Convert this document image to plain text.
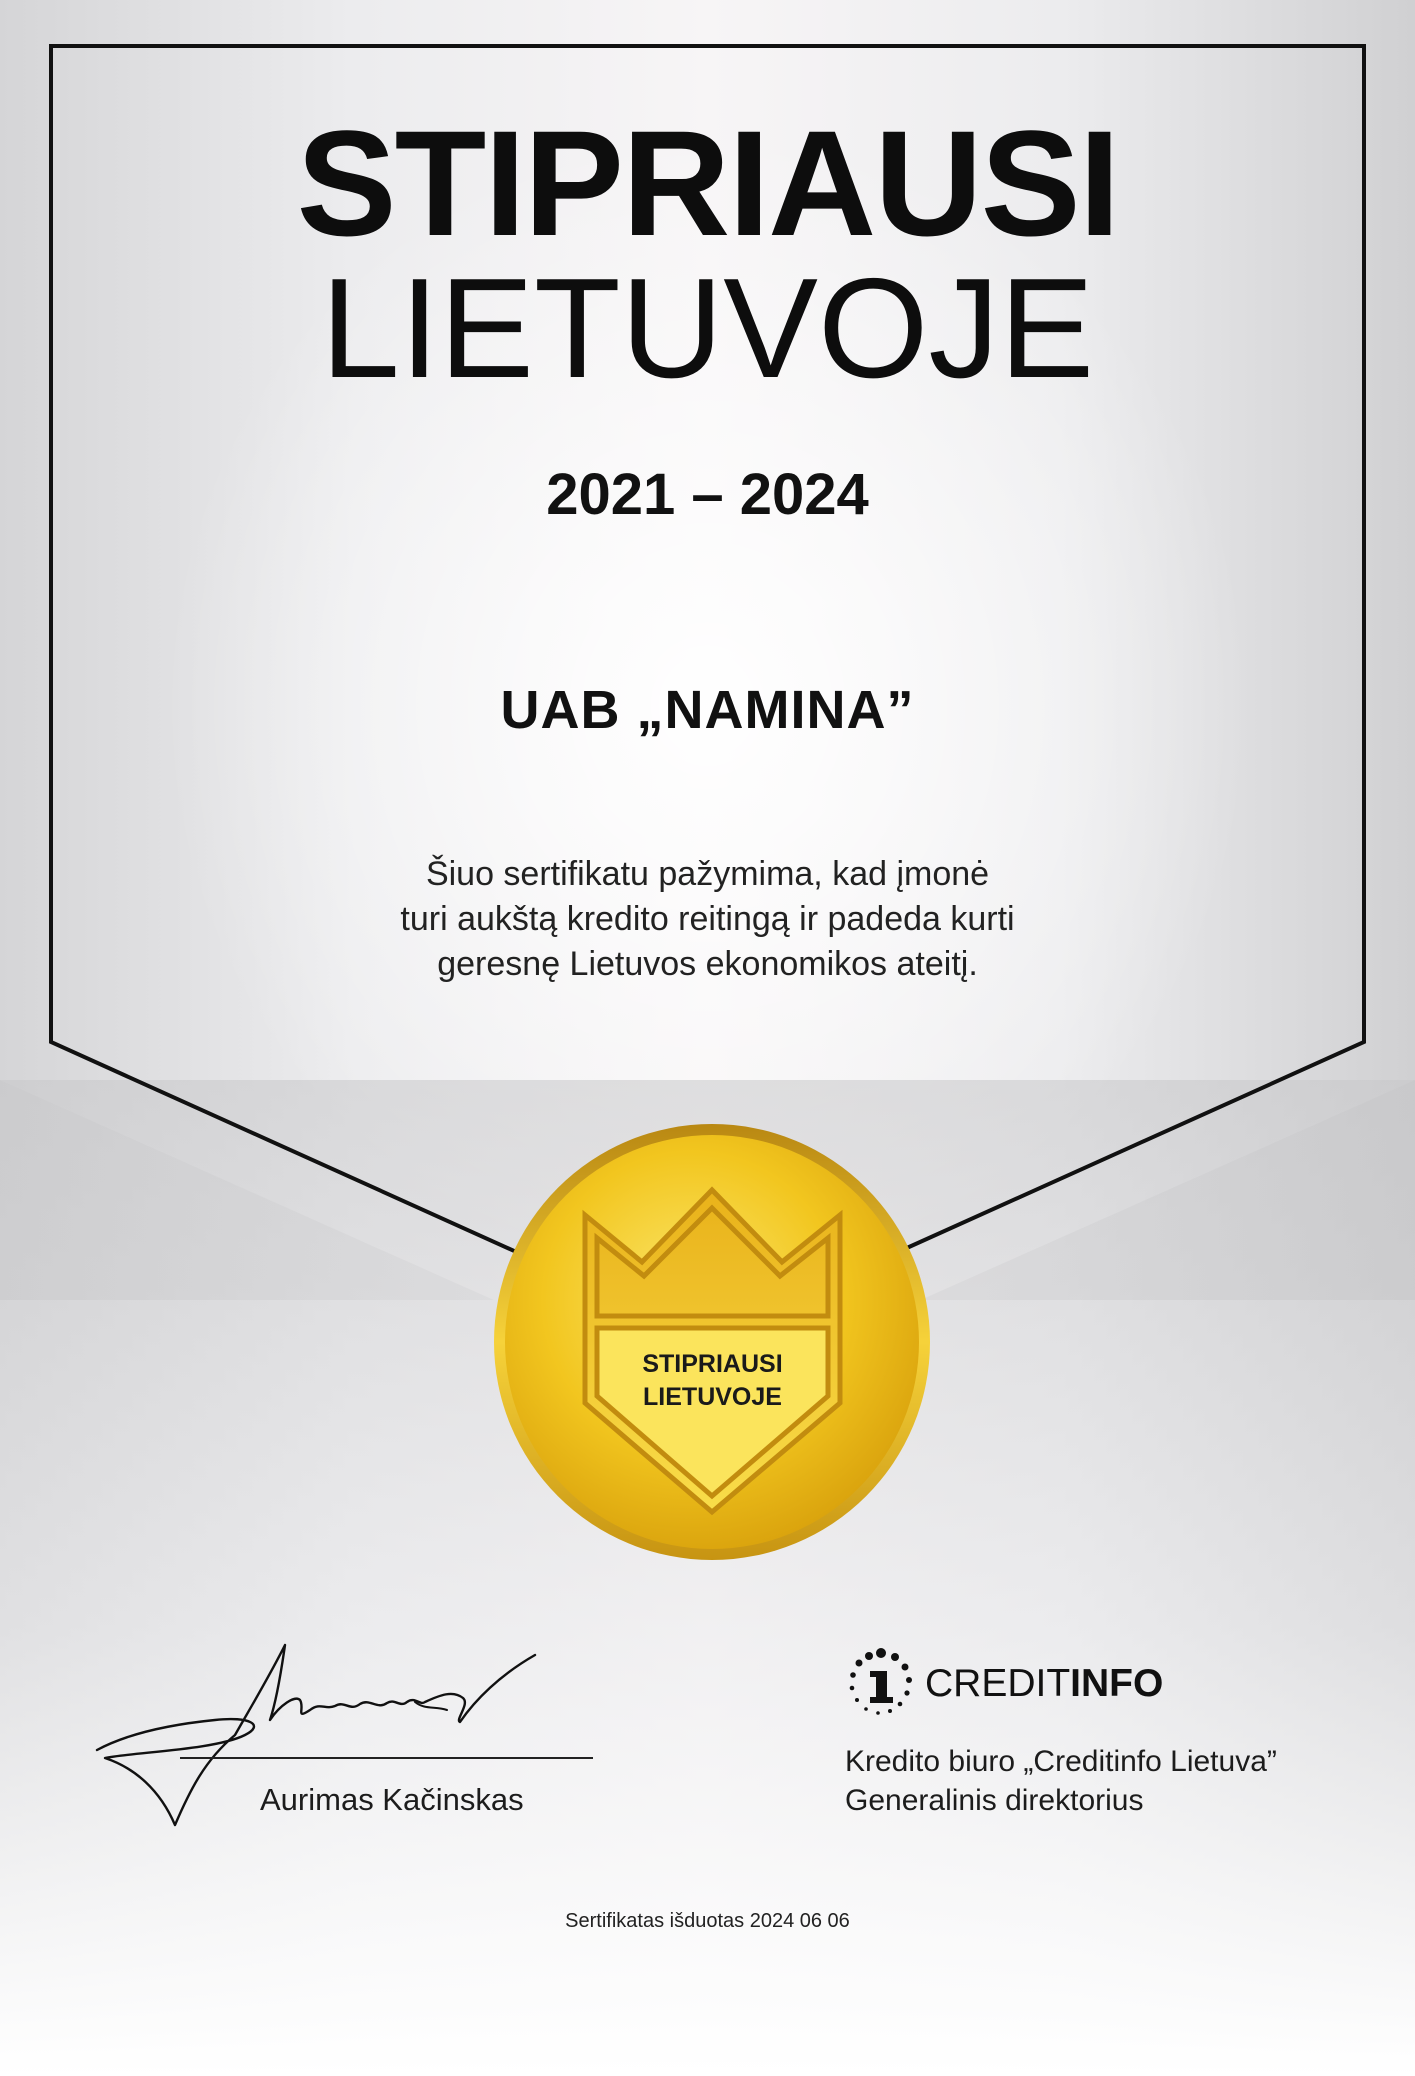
STIPRIAUSI
LIETUVOJE
2021 – 2024
UAB „NAMINA”
Šiuo sertifikatu pažymima, kad įmonė
turi aukštą kredito reitingą ir padeda kurti
geresnę Lietuvos ekonomikos ateitį.
STIPRIAUSI
LIETUVOJE
Aurimas Kačinskas
CREDITINFO
Kredito biuro „Creditinfo Lietuva”
Generalinis direktorius
Sertifikatas išduotas 2024 06 06
